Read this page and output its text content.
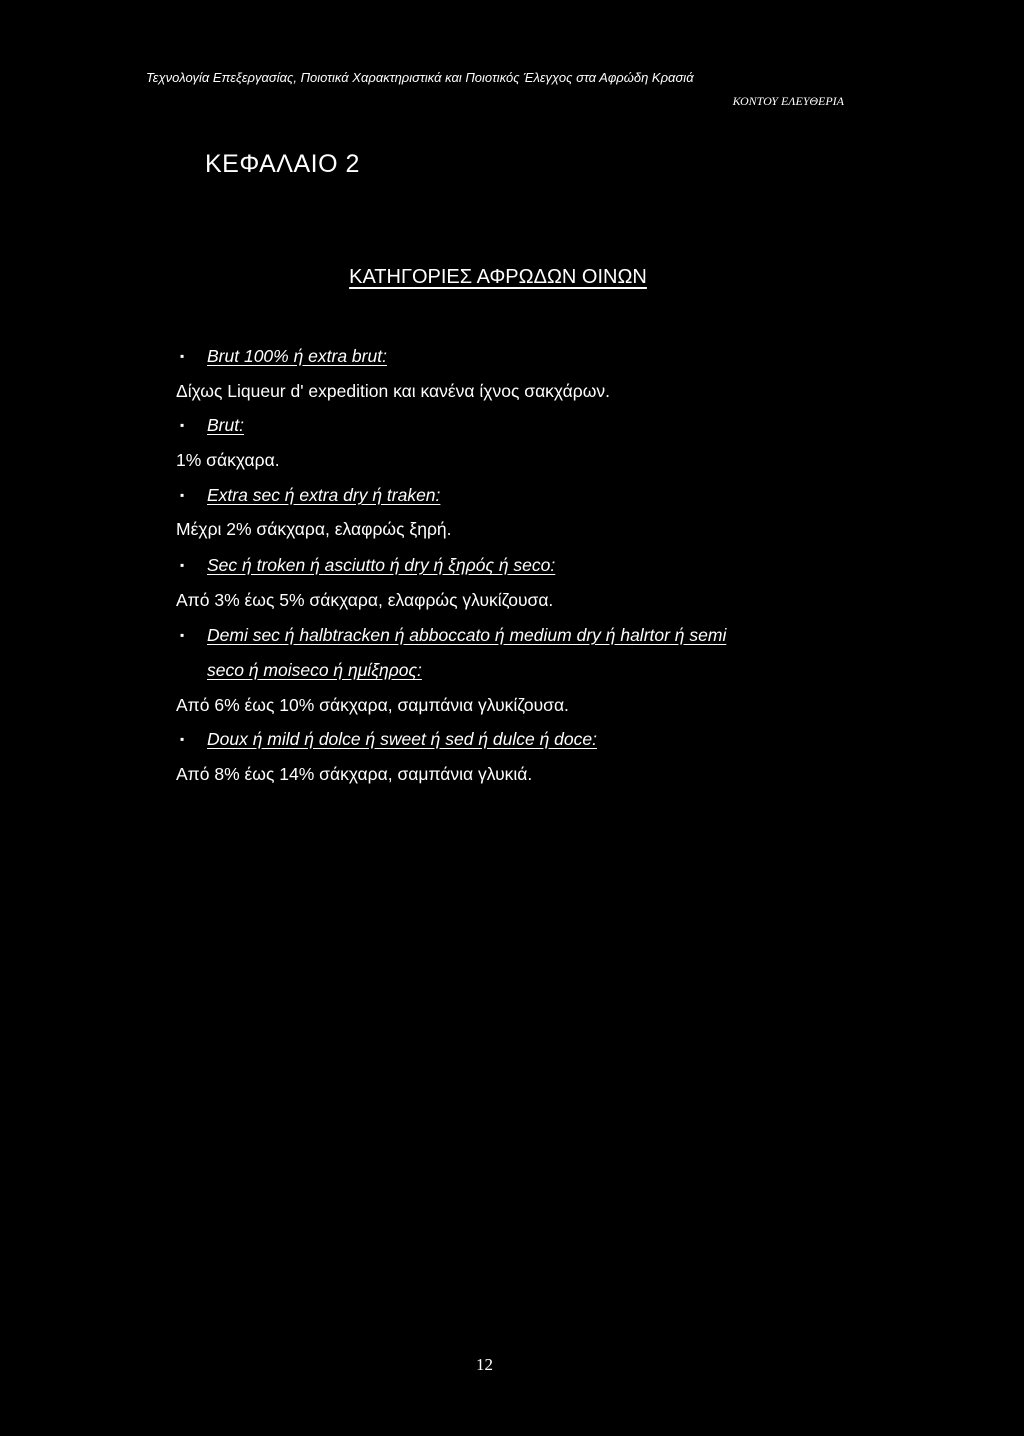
Τεχνολογία Επεξεργασίας, Ποιοτικά Χαρακτηριστικά και Ποιοτικός Έλεγχος στα Αφρώδη Κρασιά
ΚΟΝΤΟΥ ΕΛΕΥΘΕΡΙΑ
ΚΕΦΑΛΑΙΟ 2
ΚΑΤΗΓΟΡΙΕΣ ΑΦΡΩΔΩΝ ΟΙΝΩΝ
▪ Brut 100% ή extra brut:
Δίχως Liqueur d' expedition και κανένα ίχνος σακχάρων.
▪ Brut:
1% σάκχαρα.
▪ Extra sec ή extra dry ή traken:
Μέχρι 2% σάκχαρα, ελαφρώς ξηρή.
▪ Sec ή troken ή asciutto ή dry ή ξηρός ή seco:
Από 3% έως 5% σάκχαρα, ελαφρώς γλυκίζουσα.
▪ Demi sec ή halbtracken ή abboccato ή medium dry ή halrtor ή semi
seco ή moiseco ή ημίξηρος:
Από 6% έως 10% σάκχαρα, σαμπάνια γλυκίζουσα.
▪ Doux ή mild ή dolce ή sweet ή sed ή dulce ή doce:
Από 8% έως 14% σάκχαρα, σαμπάνια γλυκιά.
12
